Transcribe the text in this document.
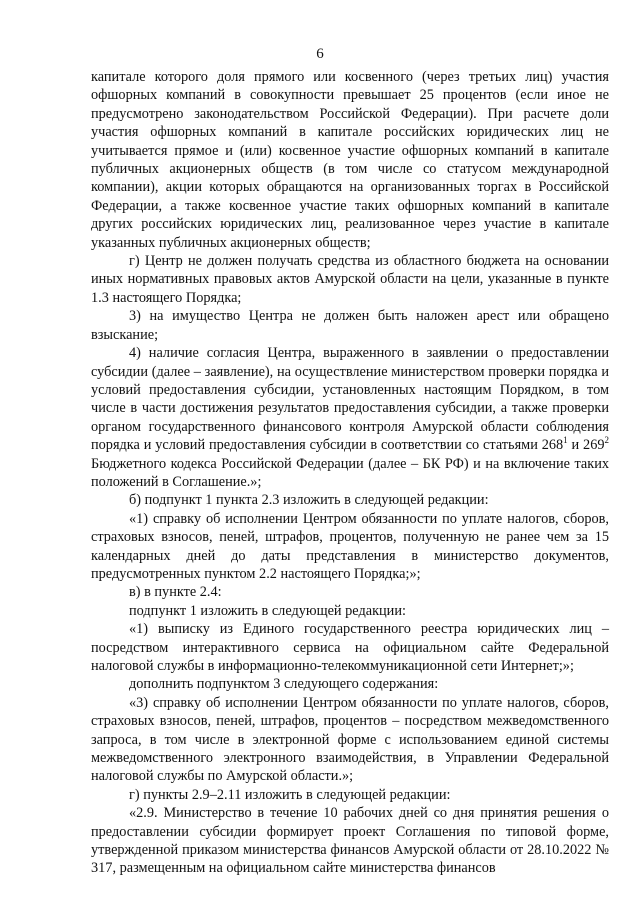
6

капитале которого доля прямого или косвенного (через третьих лиц) участия офшорных компаний в совокупности превышает 25 процентов (если иное не предусмотрено законодательством Российской Федерации). При расчете доли участия офшорных компаний в капитале российских юридических лиц не учитывается прямое и (или) косвенное участие офшорных компаний в капитале публичных акционерных обществ (в том числе со статусом международной компании), акции которых обращаются на организованных торгах в Российской Федерации, а также косвенное участие таких офшорных компаний в капитале других российских юридических лиц, реализованное через участие в капитале указанных публичных акционерных обществ;

г) Центр не должен получать средства из областного бюджета на основании иных нормативных правовых актов Амурской области на цели, указанные в пункте 1.3 настоящего Порядка;

3) на имущество Центра не должен быть наложен арест или обращено взыскание;

4) наличие согласия Центра, выраженного в заявлении о предоставлении субсидии (далее – заявление), на осуществление министерством проверки порядка и условий предоставления субсидии, установленных настоящим Порядком, в том числе в части достижения результатов предоставления субсидии, а также проверки органом государственного финансового контроля Амурской области соблюдения порядка и условий предоставления субсидии в соответствии со статьями $268^1$ и $269^2$ Бюджетного кодекса Российской Федерации (далее – БК РФ) и на включение таких положений в Соглашение.»;

б) подпункт 1 пункта 2.3 изложить в следующей редакции:

«1) справку об исполнении Центром обязанности по уплате налогов, сборов, страховых взносов, пеней, штрафов, процентов, полученную не ранее чем за 15 календарных дней до даты представления в министерство документов, предусмотренных пунктом 2.2 настоящего Порядка;»;

в) в пункте 2.4:

подпункт 1 изложить в следующей редакции:

«1) выписку из Единого государственного реестра юридических лиц – посредством интерактивного сервиса на официальном сайте Федеральной налоговой службы в информационно-телекоммуникационной сети Интернет;»;

дополнить подпунктом 3 следующего содержания:

«3) справку об исполнении Центром обязанности по уплате налогов, сборов, страховых взносов, пеней, штрафов, процентов – посредством межведомственного запроса, в том числе в электронной форме с использованием единой системы межведомственного электронного взаимодействия, в Управлении Федеральной налоговой службы по Амурской области.»;

г) пункты 2.9–2.11 изложить в следующей редакции:

«2.9. Министерство в течение 10 рабочих дней со дня принятия решения о предоставлении субсидии формирует проект Соглашения по типовой форме, утвержденной приказом министерства финансов Амурской области от 28.10.2022 № 317, размещенным на официальном сайте министерства финансов
